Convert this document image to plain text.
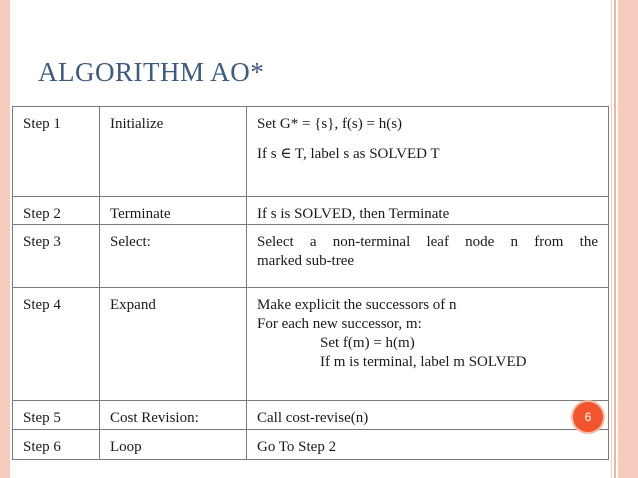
ALGORITHM AO*
Step 1	Initialize	Set G* = {s}, f(s) = h(s)
If s ∈ T, label s as SOLVED T

Step 2	Terminate	If s is SOLVED, then Terminate

Step 3	Select:	Select a non-terminal leaf node n from the
marked sub-tree

Step 4	Expand	Make explicit the successors of n
For each new successor, m:
Set f(m) = h(m)
If m is terminal, label m SOLVED

Step 5	Cost Revision:	Call cost-revise(n)

Step 6	Loop	Go To Step 2
6
